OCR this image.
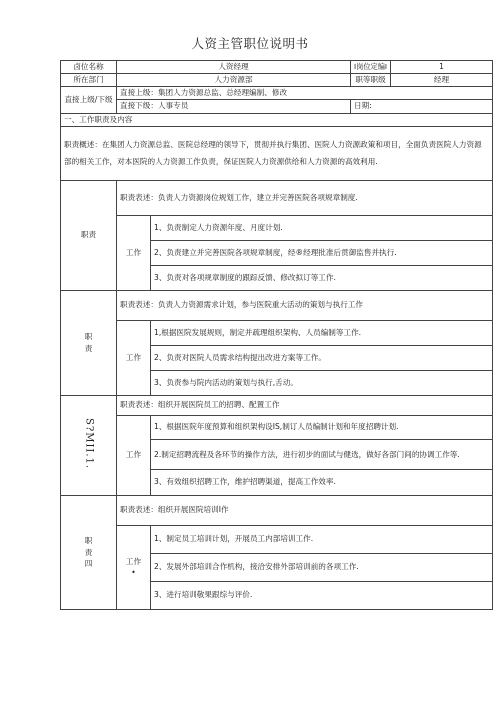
人资主管职位说明书
卤位名称	人资经理		I岗位定编I	1
所在部门	人力资源部		职等职级	经理
直接上级/下级	直接上级：集团人力资源总监、总经理编制、修改			
	直接下级：人事专员		日期:	
一、工作职责及内容				
职责概述：在集团人力资源总监、医院总经理的领导下，贯彻并执行集团、医院人力资源政策和项目，全面负责医院人力资源部的相关工作，对本医院的人力资源工作负责，保证医院人力资源供给和人力资源的高效利用.				
职责	职责表述：负责人力资源岗位规划工作，建立并完善医院各项规章制度.			
	工作	1、负责制定人力资源年度、月度计划.		
		2、负责建立并完善医院各项规章制度，经®经理批准后贯御监售并执行.		
		3、负责对各项规章制度的跟踪反馈、修改拟订等工作.		

职
责	职责表述：负责人力资源需求计划，参与医院重大活动的策划与执行工作			
	工作	1,根据医院发展规则，制定并疏理组织架构、人员编制等工作.		
		2、负责对医院人员需求结构提出改进方案等工作。		
		3、负责参与院内活动的策划与执行,舌动。		
S?MII.1.	职责表述：组织开展医院员工的招聘、配置工作			
	工作	1、根据医院年度预算和组织架构设IS,制订人员编制计划和年度招聘计划.		
		2.制定招聘流程及各环节的操作方法，进行初步的面试与健选，做好各部门间的协调工作等.		
		3、有效组织招聘工作，维护招聘渠道，提高工作效率.		

职
责
四	职责表述：组织开展医院培训I作			

	工作
•	1、制定员工培训计划，开展员工内部培训工作.		
		2、发展外部培训合作机构，接洽安排外部培训前的各项工作.		
		3、进行培训敬果跟综与评价.		
